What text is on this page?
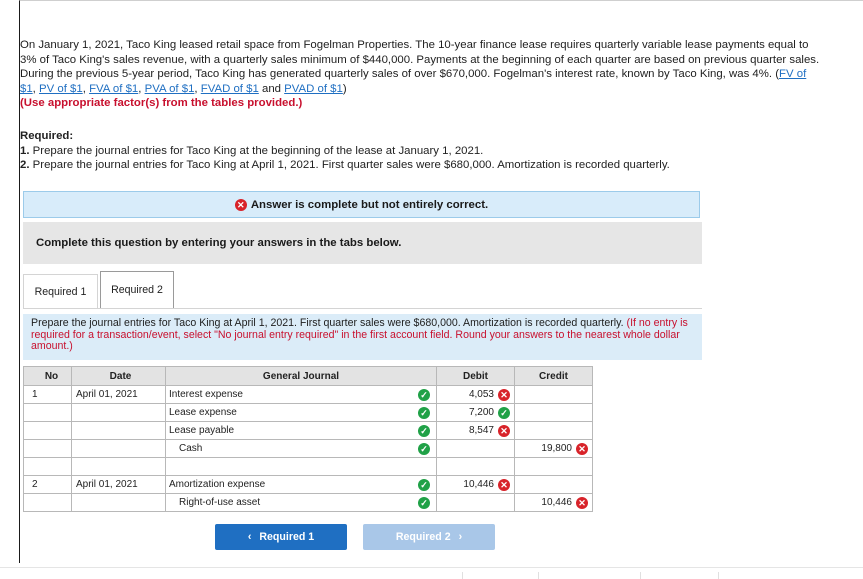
On January 1, 2021, Taco King leased retail space from Fogelman Properties. The 10-year finance lease requires quarterly variable lease payments equal to 3% of Taco King's sales revenue, with a quarterly sales minimum of $440,000. Payments at the beginning of each quarter are based on previous quarter sales. During the previous 5-year period, Taco King has generated quarterly sales of over $670,000. Fogelman's interest rate, known by Taco King, was 4%. (FV of $1, PV of $1, FVA of $1, PVA of $1, FVAD of $1 and PVAD of $1)
(Use appropriate factor(s) from the tables provided.)
Required:
1. Prepare the journal entries for Taco King at the beginning of the lease at January 1, 2021.
2. Prepare the journal entries for Taco King at April 1, 2021. First quarter sales were $680,000. Amortization is recorded quarterly.
✕ Answer is complete but not entirely correct.
Complete this question by entering your answers in the tabs below.
Required 1 Required 2
Prepare the journal entries for Taco King at April 1, 2021. First quarter sales were $680,000. Amortization is recorded quarterly. (If no entry is required for a transaction/event, select "No journal entry required" in the first account field. Round your answers to the nearest whole dollar amount.)
No	Date	General Journal	Debit	Credit
1	April 01, 2021	Interest expense ✓	4,053 ✕	

		Lease expense ✓	7,200 ✓	

		Lease payable ✓	8,547 ✕	

		Cash ✓		19,800 ✕

2	April 01, 2021	Amortization expense ✓	10,446 ✕	

		Right-of-use asset ✓		10,446 ✕
‹ Required 1	Required 2 ›
